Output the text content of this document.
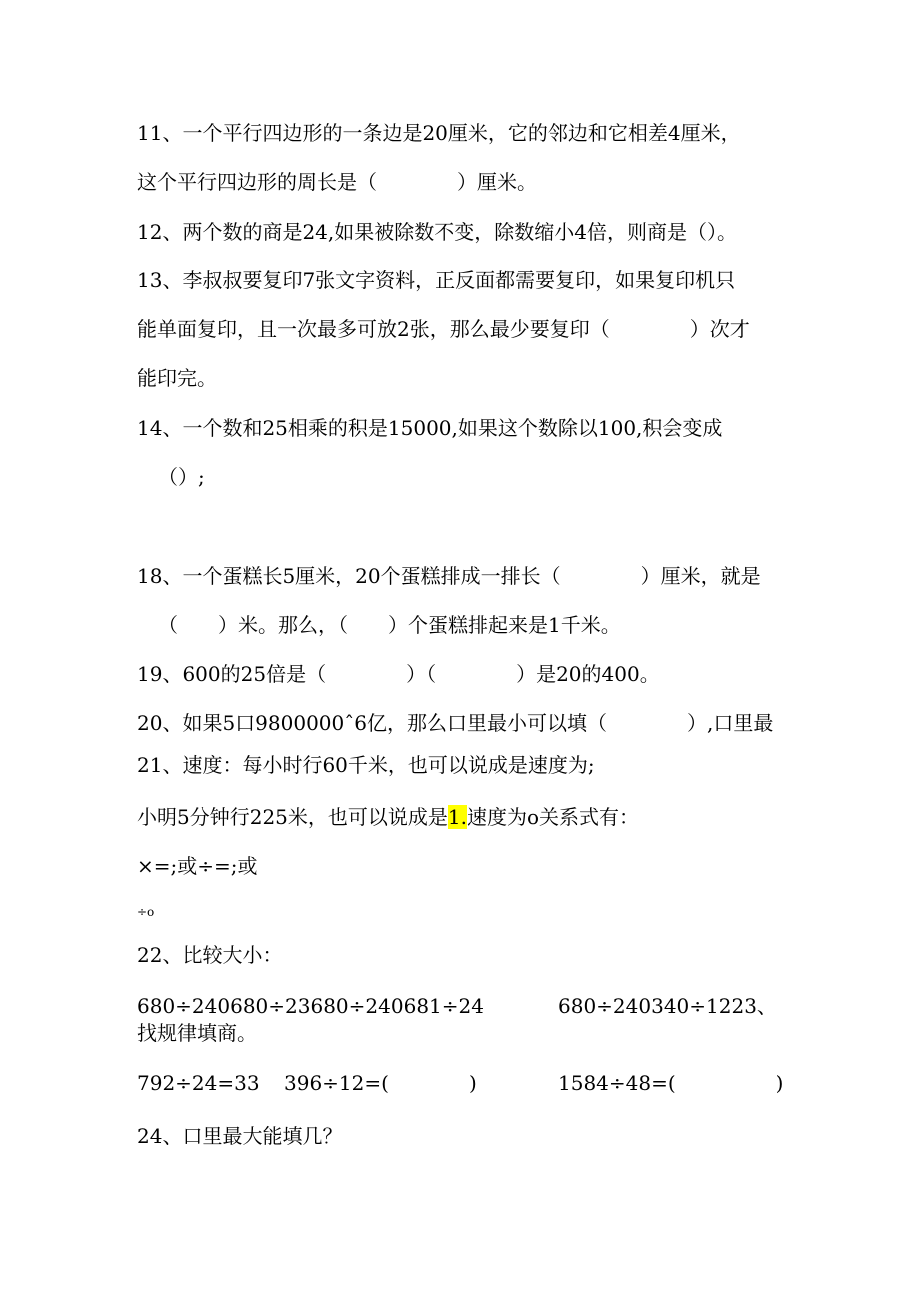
11、一个平行四边形的一条边是20厘米，它的邻边和它相差4厘米，

这个平行四边形的周长是（　　　　）厘米。

12、两个数的商是24,如果被除数不变，除数缩小4倍，则商是（）。

13、李叔叔要复印7张文字资料，正反面都需要复印，如果复印机只

能单面复印，且一次最多可放2张，那么最少要复印（　　　　）次才

能印完。

14、一个数和25相乘的积是15000,如果这个数除以100,积会变成

（）;

18、一个蛋糕长5厘米，20个蛋糕排成一排长（　　　　）厘米，就是

（　　）米。那么，（　　）个蛋糕排起来是1千米。

19、600的25倍是（　　　　）（　　　　）是20的400。

20、如果5口9800000ˆ6亿，那么口里最小可以填（　　　　）,口里最

21、速度：每小时行60千米，也可以说成是速度为;

小明5分钟行225米，也可以说成是1.速度为o关系式有：

×=;或÷=;或

÷o

22、比较大小：

680÷240680÷23680÷240681÷24	680÷240340÷1223、

找规律填商。

792÷24=33 396÷12=(　　　　)	1584÷48=(　　　　　)

24、口里最大能填几？
